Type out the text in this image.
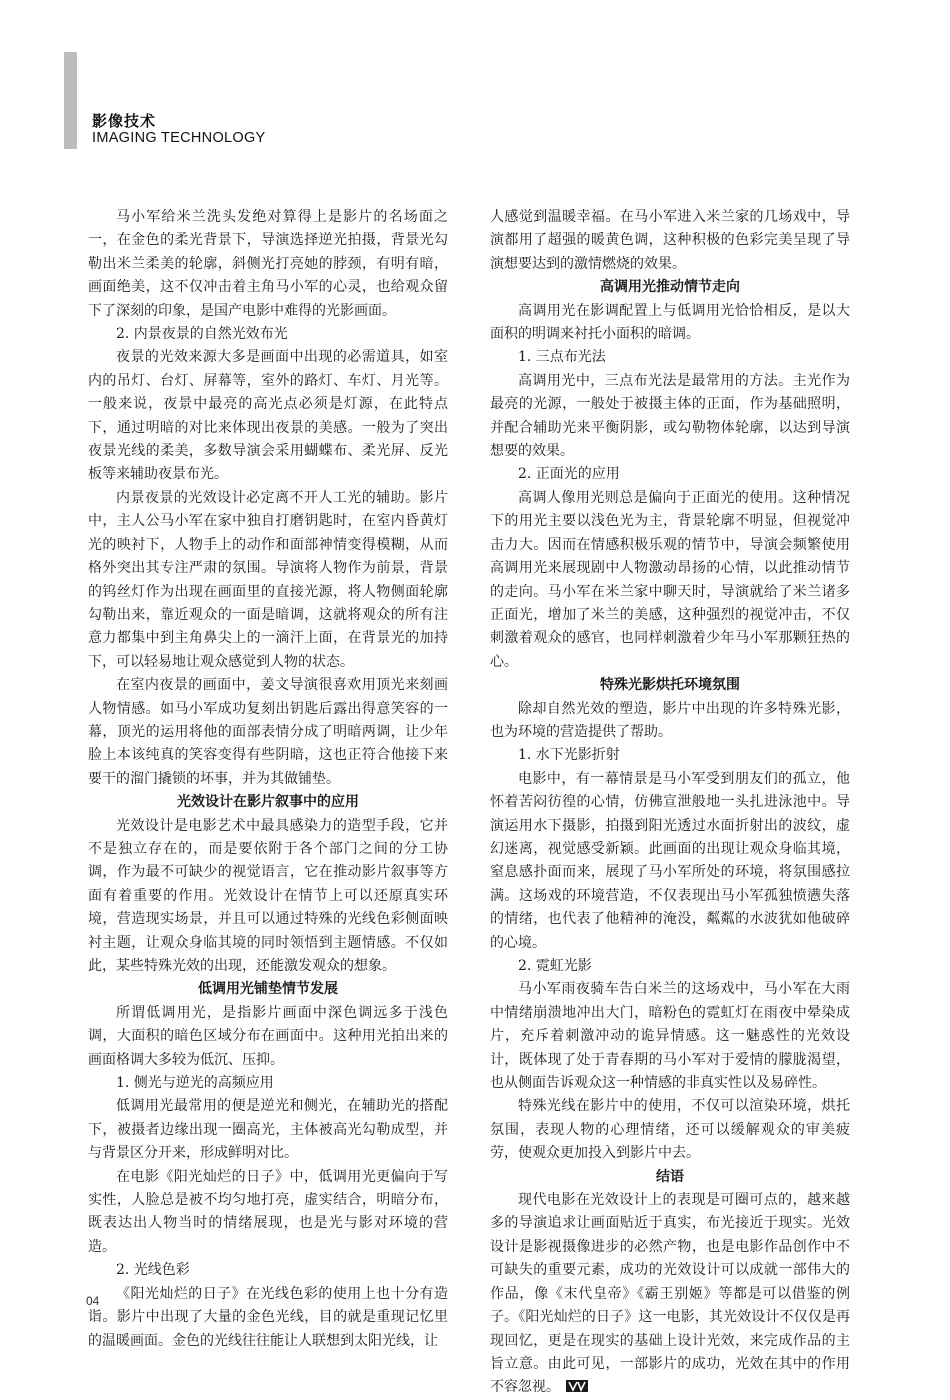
影像技术
IMAGING TECHNOLOGY

马小军给米兰洗头发绝对算得上是影片的名场面之一，在金色的柔光背景下，导演选择逆光拍摄，背景光勾勒出米兰柔美的轮廓，斜侧光打亮她的脖颈，有明有暗，画面绝美，这不仅冲击着主角马小军的心灵，也给观众留下了深刻的印象，是国产电影中难得的光影画面。

2. 内景夜景的自然光效布光

夜景的光效来源大多是画面中出现的必需道具，如室内的吊灯、台灯、屏幕等，室外的路灯、车灯、月光等。一般来说，夜景中最亮的高光点必须是灯源，在此特点下，通过明暗的对比来体现出夜景的美感。一般为了突出夜景光线的柔美，多数导演会采用蝴蝶布、柔光屏、反光板等来辅助夜景布光。

内景夜景的光效设计必定离不开人工光的辅助。影片中，主人公马小军在家中独自打磨钥匙时，在室内昏黄灯光的映衬下，人物手上的动作和面部神情变得模糊，从而格外突出其专注严肃的氛围。导演将人物作为前景，背景的钨丝灯作为出现在画面里的直接光源，将人物侧面轮廓勾勒出来，靠近观众的一面是暗调，这就将观众的所有注意力都集中到主角鼻尖上的一滴汗上面，在背景光的加持下，可以轻易地让观众感觉到人物的状态。

在室内夜景的画面中，姜文导演很喜欢用顶光来刻画人物情感。如马小军成功复刻出钥匙后露出得意笑容的一幕，顶光的运用将他的面部表情分成了明暗两调，让少年脸上本该纯真的笑容变得有些阴暗，这也正符合他接下来要干的溜门撬锁的坏事，并为其做铺垫。

光效设计在影片叙事中的应用

光效设计是电影艺术中最具感染力的造型手段，它并不是独立存在的，而是要依附于各个部门之间的分工协调，作为最不可缺少的视觉语言，它在推动影片叙事等方面有着重要的作用。光效设计在情节上可以还原真实环境，营造现实场景，并且可以通过特殊的光线色彩侧面映衬主题，让观众身临其境的同时领悟到主题情感。不仅如此，某些特殊光效的出现，还能激发观众的想象。

低调用光铺垫情节发展

所谓低调用光，是指影片画面中深色调远多于浅色调，大面积的暗色区域分布在画面中。这种用光拍出来的画面格调大多较为低沉、压抑。

1. 侧光与逆光的高频应用

低调用光最常用的便是逆光和侧光，在辅助光的搭配下，被摄者边缘出现一圈高光，主体被高光勾勒成型，并与背景区分开来，形成鲜明对比。

在电影《阳光灿烂的日子》中，低调用光更偏向于写实性，人脸总是被不均匀地打亮，虚实结合，明暗分布，既表达出人物当时的情绪展现，也是光与影对环境的营造。

2. 光线色彩

《阳光灿烂的日子》在光线色彩的使用上也十分有造诣。影片中出现了大量的金色光线，目的就是重现记忆里的温暖画面。金色的光线往往能让人联想到太阳光线，让

人感觉到温暖幸福。在马小军进入米兰家的几场戏中，导演都用了超强的暖黄色调，这种积极的色彩完美呈现了导演想要达到的激情燃烧的效果。

高调用光推动情节走向

高调用光在影调配置上与低调用光恰恰相反，是以大面积的明调来衬托小面积的暗调。

1. 三点布光法

高调用光中，三点布光法是最常用的方法。主光作为最亮的光源，一般处于被摄主体的正面，作为基础照明，并配合辅助光来平衡阴影，或勾勒物体轮廓，以达到导演想要的效果。

2. 正面光的应用

高调人像用光则总是偏向于正面光的使用。这种情况下的用光主要以浅色光为主，背景轮廓不明显，但视觉冲击力大。因而在情感积极乐观的情节中，导演会频繁使用高调用光来展现剧中人物激动昂扬的心情，以此推动情节的走向。马小军在米兰家中聊天时，导演就给了米兰诸多正面光，增加了米兰的美感，这种强烈的视觉冲击，不仅刺激着观众的感官，也同样刺激着少年马小军那颗狂热的心。

特殊光影烘托环境氛围

除却自然光效的塑造，影片中出现的许多特殊光影，也为环境的营造提供了帮助。

1. 水下光影折射

电影中，有一幕情景是马小军受到朋友们的孤立，他怀着苦闷彷徨的心情，仿佛宣泄般地一头扎进泳池中。导演运用水下摄影，拍摄到阳光透过水面折射出的波纹，虚幻迷离，视觉感受新颖。此画面的出现让观众身临其境，窒息感扑面而来，展现了马小军所处的环境，将氛围感拉满。这场戏的环境营造，不仅表现出马小军孤独愤懑失落的情绪，也代表了他精神的淹没，粼粼的水波犹如他破碎的心境。

2. 霓虹光影

马小军雨夜骑车告白米兰的这场戏中，马小军在大雨中情绪崩溃地冲出大门，暗粉色的霓虹灯在雨夜中晕染成片，充斥着刺激冲动的诡异情感。这一魅惑性的光效设计，既体现了处于青春期的马小军对于爱情的朦胧渴望，也从侧面告诉观众这一种情感的非真实性以及易碎性。

特殊光线在影片中的使用，不仅可以渲染环境，烘托氛围，表现人物的心理情绪，还可以缓解观众的审美疲劳，使观众更加投入到影片中去。

结语

现代电影在光效设计上的表现是可圈可点的，越来越多的导演追求让画面贴近于真实，布光接近于现实。光效设计是影视摄像进步的必然产物，也是电影作品创作中不可缺失的重要元素，成功的光效设计可以成就一部伟大的作品，像《末代皇帝》《霸王别姬》等都是可以借鉴的例子。《阳光灿烂的日子》这一电影，其光效设计不仅仅是再现回忆，更是在现实的基础上设计光效，来完成作品的主旨立意。由此可见，一部影片的成功，光效在其中的作用不容忽视。

04
